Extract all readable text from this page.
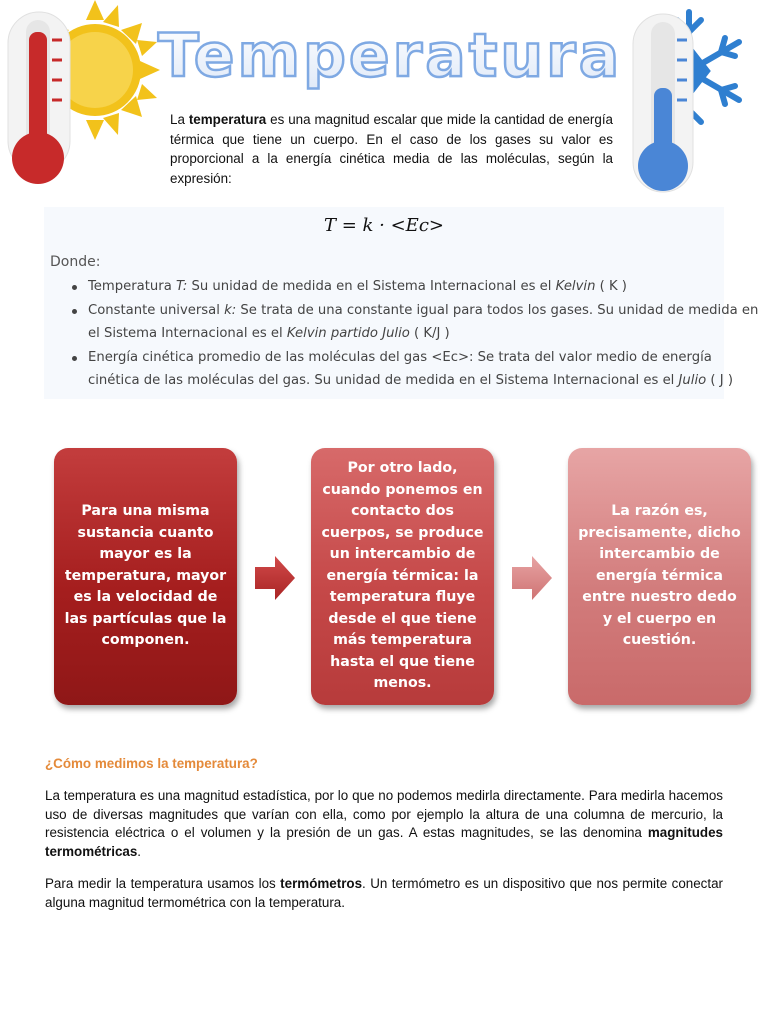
Temperatura
La temperatura es una magnitud escalar que mide la cantidad de energía térmica que tiene un cuerpo. En el caso de los gases su valor es proporcional a la energía cinética media de las moléculas, según la expresión:
T = k · <Ec>
Donde:
Temperatura T: Su unidad de medida en el Sistema Internacional es el Kelvin ( K )
Constante universal k: Se trata de una constante igual para todos los gases. Su unidad de medida en el Sistema Internacional es el Kelvin partido Julio ( K/J )
Energía cinética promedio de las moléculas del gas <Ec>: Se trata del valor medio de energía cinética de las moléculas del gas. Su unidad de medida en el Sistema Internacional es el Julio ( J )
Para una misma sustancia cuanto mayor es la temperatura, mayor es la velocidad de las partículas que la componen.
Por otro lado, cuando ponemos en contacto dos cuerpos, se produce un intercambio de energía térmica: la temperatura fluye desde el que tiene más temperatura hasta el que tiene menos.
La razón es, precisamente, dicho intercambio de energía térmica entre nuestro dedo y el cuerpo en cuestión.
¿Cómo medimos la temperatura?
La temperatura es una magnitud estadística, por lo que no podemos medirla directamente. Para medirla hacemos uso de diversas magnitudes que varían con ella, como por ejemplo la altura de una columna de mercurio, la resistencia eléctrica o el volumen y la presión de un gas. A estas magnitudes, se las denomina magnitudes termométricas.
Para medir la temperatura usamos los termómetros. Un termómetro es un dispositivo que nos permite conectar alguna magnitud termométrica con la temperatura.
